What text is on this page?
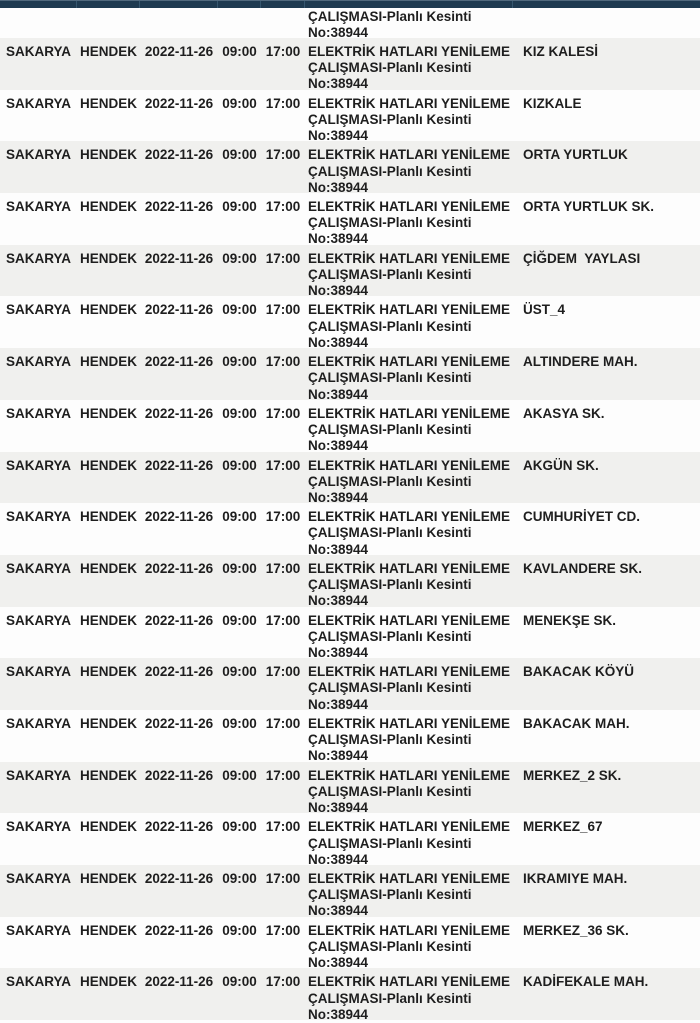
ÇALIŞMASI-Planlı Kesinti
No:38944
SAKARYA HENDEK 2022-11-26 09:00 17:00 ELEKTRİK HATLARI YENİLEME
ÇALIŞMASI-Planlı Kesinti
No:38944
KIZ KALESİ
SAKARYA HENDEK 2022-11-26 09:00 17:00 ELEKTRİK HATLARI YENİLEME
ÇALIŞMASI-Planlı Kesinti
No:38944
KIZKALE
SAKARYA HENDEK 2022-11-26 09:00 17:00 ELEKTRİK HATLARI YENİLEME
ÇALIŞMASI-Planlı Kesinti
No:38944
ORTA YURTLUK
SAKARYA HENDEK 2022-11-26 09:00 17:00 ELEKTRİK HATLARI YENİLEME
ÇALIŞMASI-Planlı Kesinti
No:38944
ORTA YURTLUK SK.
SAKARYA HENDEK 2022-11-26 09:00 17:00 ELEKTRİK HATLARI YENİLEME
ÇALIŞMASI-Planlı Kesinti
No:38944
ÇİĞDEM  YAYLASI
SAKARYA HENDEK 2022-11-26 09:00 17:00 ELEKTRİK HATLARI YENİLEME
ÇALIŞMASI-Planlı Kesinti
No:38944
ÜST_4
SAKARYA HENDEK 2022-11-26 09:00 17:00 ELEKTRİK HATLARI YENİLEME
ÇALIŞMASI-Planlı Kesinti
No:38944
ALTINDERE MAH.
SAKARYA HENDEK 2022-11-26 09:00 17:00 ELEKTRİK HATLARI YENİLEME
ÇALIŞMASI-Planlı Kesinti
No:38944
AKASYA SK.
SAKARYA HENDEK 2022-11-26 09:00 17:00 ELEKTRİK HATLARI YENİLEME
ÇALIŞMASI-Planlı Kesinti
No:38944
AKGÜN SK.
SAKARYA HENDEK 2022-11-26 09:00 17:00 ELEKTRİK HATLARI YENİLEME
ÇALIŞMASI-Planlı Kesinti
No:38944
CUMHURİYET CD.
SAKARYA HENDEK 2022-11-26 09:00 17:00 ELEKTRİK HATLARI YENİLEME
ÇALIŞMASI-Planlı Kesinti
No:38944
KAVLANDERE SK.
SAKARYA HENDEK 2022-11-26 09:00 17:00 ELEKTRİK HATLARI YENİLEME
ÇALIŞMASI-Planlı Kesinti
No:38944
MENEKŞE SK.
SAKARYA HENDEK 2022-11-26 09:00 17:00 ELEKTRİK HATLARI YENİLEME
ÇALIŞMASI-Planlı Kesinti
No:38944
BAKACAK KÖYÜ
SAKARYA HENDEK 2022-11-26 09:00 17:00 ELEKTRİK HATLARI YENİLEME
ÇALIŞMASI-Planlı Kesinti
No:38944
BAKACAK MAH.
SAKARYA HENDEK 2022-11-26 09:00 17:00 ELEKTRİK HATLARI YENİLEME
ÇALIŞMASI-Planlı Kesinti
No:38944
MERKEZ_2 SK.
SAKARYA HENDEK 2022-11-26 09:00 17:00 ELEKTRİK HATLARI YENİLEME
ÇALIŞMASI-Planlı Kesinti
No:38944
MERKEZ_67
SAKARYA HENDEK 2022-11-26 09:00 17:00 ELEKTRİK HATLARI YENİLEME
ÇALIŞMASI-Planlı Kesinti
No:38944
IKRAMIYE MAH.
SAKARYA HENDEK 2022-11-26 09:00 17:00 ELEKTRİK HATLARI YENİLEME
ÇALIŞMASI-Planlı Kesinti
No:38944
MERKEZ_36 SK.
SAKARYA HENDEK 2022-11-26 09:00 17:00 ELEKTRİK HATLARI YENİLEME
ÇALIŞMASI-Planlı Kesinti
No:38944
KADİFEKALE MAH.
